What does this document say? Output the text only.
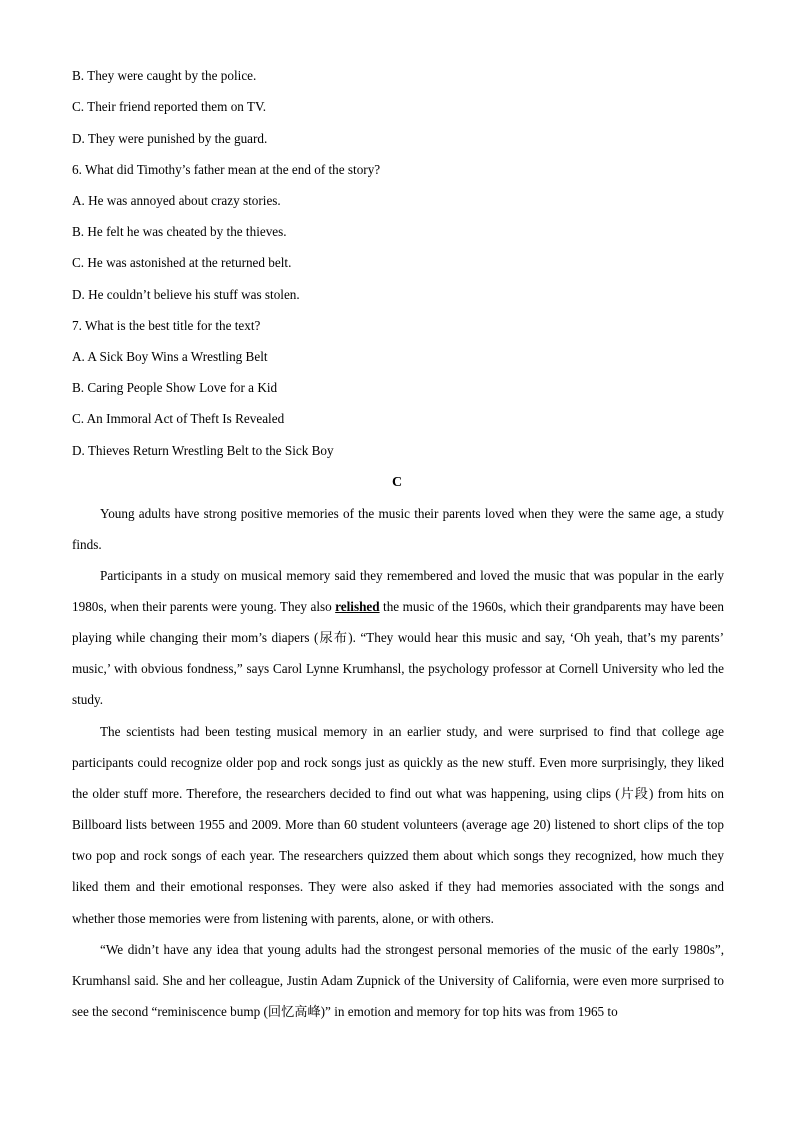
B. They were caught by the police.

C. Their friend reported them on TV.

D. They were punished by the guard.

6. What did Timothy’s father mean at the end of the story?

A. He was annoyed about crazy stories.

B. He felt he was cheated by the thieves.

C. He was astonished at the returned belt.

D. He couldn’t believe his stuff was stolen.

7. What is the best title for the text?

A. A Sick Boy Wins a Wrestling Belt

B. Caring People Show Love for a Kid

C. An Immoral Act of Theft Is Revealed

D. Thieves Return Wrestling Belt to the Sick Boy

C

Young adults have strong positive memories of the music their parents loved when they were the same age, a study finds.

Participants in a study on musical memory said they remembered and loved the music that was popular in the early 1980s, when their parents were young. They also relished the music of the 1960s, which their grandparents may have been playing while changing their mom’s diapers (尿布). “They would hear this music and say, ‘Oh yeah, that’s my parents’ music,’ with obvious fondness,” says Carol Lynne Krumhansl, the psychology professor at Cornell University who led the study.

The scientists had been testing musical memory in an earlier study, and were surprised to find that college age participants could recognize older pop and rock songs just as quickly as the new stuff. Even more surprisingly, they liked the older stuff more. Therefore, the researchers decided to find out what was happening, using clips (片段) from hits on Billboard lists between 1955 and 2009. More than 60 student volunteers (average age 20) listened to short clips of the top two pop and rock songs of each year. The researchers quizzed them about which songs they recognized, how much they liked them and their emotional responses. They were also asked if they had memories associated with the songs and whether those memories were from listening with parents, alone, or with others.

“We didn’t have any idea that young adults had the strongest personal memories of the music of the early 1980s”, Krumhansl said. She and her colleague, Justin Adam Zupnick of the University of California, were even more surprised to see the second “reminiscence bump (回忆高峰)” in emotion and memory for top hits was from 1965 to
